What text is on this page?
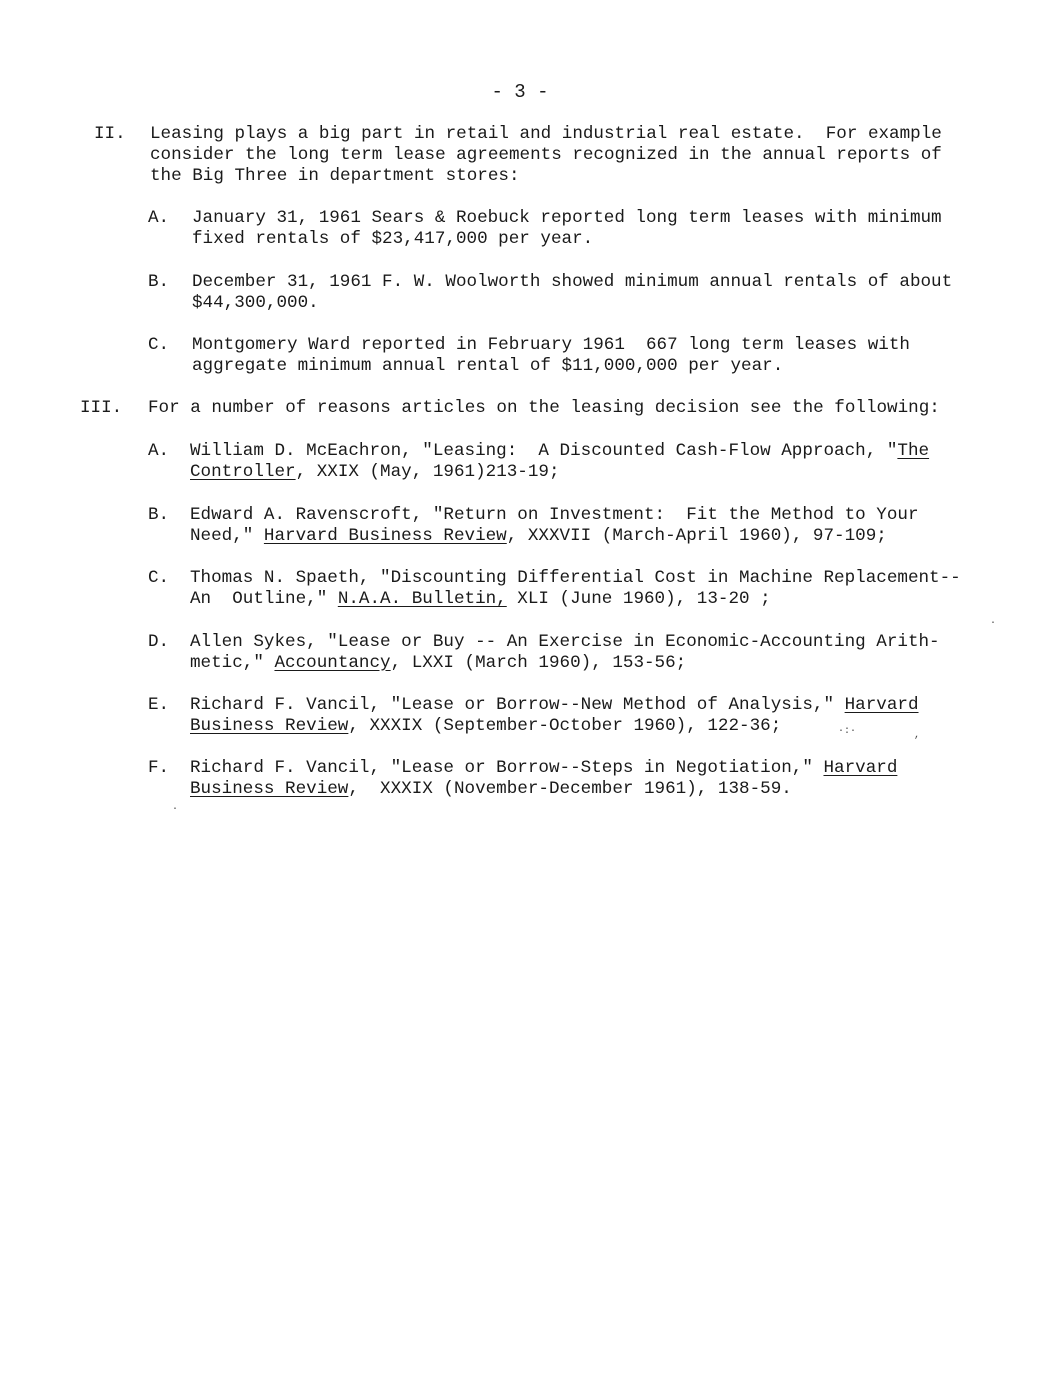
- 3 -
II. Leasing plays a big part in retail and industrial real estate.  For example
consider the long term lease agreements recognized in the annual reports of
the Big Three in department stores:
A. January 31, 1961 Sears & Roebuck reported long term leases with minimum
fixed rentals of $23,417,000 per year.
B. December 31, 1961 F. W. Woolworth showed minimum annual rentals of about
$44,300,000.
C. Montgomery Ward reported in February 1961  667 long term leases with
aggregate minimum annual rental of $11,000,000 per year.
III. For a number of reasons articles on the leasing decision see the following:
A. William D. McEachron, "Leasing:  A Discounted Cash-Flow Approach, "The
Controller, XXIX (May, 1961)213-19;
B. Edward A. Ravenscroft, "Return on Investment:  Fit the Method to Your
Need," Harvard Business Review, XXXVII (March-April 1960), 97-109;
C. Thomas N. Spaeth, "Discounting Differential Cost in Machine Replacement--
An  Outline," N.A.A. Bulletin, XLI (June 1960), 13-20 ;
D. Allen Sykes, "Lease or Buy -- An Exercise in Economic-Accounting Arith-
metic," Accountancy, LXXI (March 1960), 153-56;
E. Richard F. Vancil, "Lease or Borrow--New Method of Analysis," Harvard
Business Review, XXXIX (September-October 1960), 122-36;	·:·	,
F. Richard F. Vancil, "Lease or Borrow--Steps in Negotiation," Harvard
Business Review,  XXXIX (November-December 1961), 138-59.
.
.
